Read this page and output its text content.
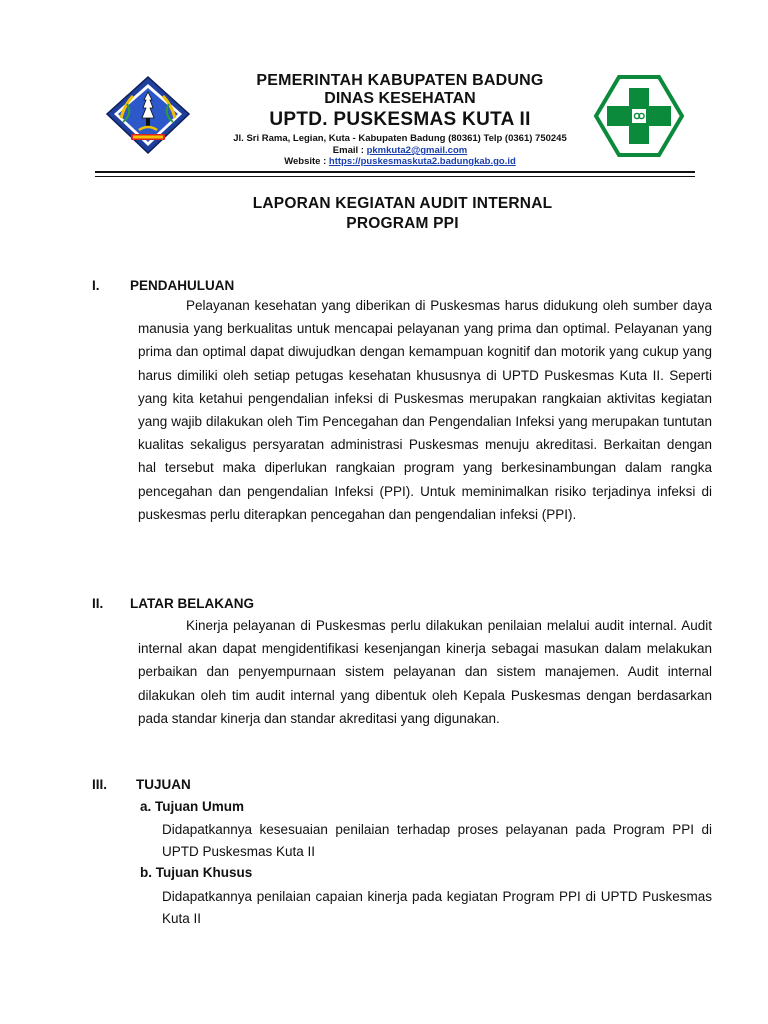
PEMERINTAH KABUPATEN BADUNG
DINAS KESEHATAN
UPTD. PUSKESMAS KUTA II
Jl. Sri Rama, Legian, Kuta - Kabupaten Badung (80361) Telp (0361) 750245
Email : pkmkuta2@gmail.com
Website : https://puskesmaskuta2.badungkab.go.id
LAPORAN KEGIATAN AUDIT INTERNAL
PROGRAM PPI
I. PENDAHULUAN

Pelayanan kesehatan yang diberikan di Puskesmas harus didukung oleh sumber daya manusia yang berkualitas untuk mencapai pelayanan yang prima dan optimal. Pelayanan yang prima dan optimal dapat diwujudkan dengan kemampuan kognitif dan motorik yang cukup yang harus dimiliki oleh setiap petugas kesehatan khususnya di UPTD Puskesmas Kuta II. Seperti yang kita ketahui pengendalian infeksi di Puskesmas merupakan rangkaian aktivitas kegiatan yang wajib dilakukan oleh Tim Pencegahan dan Pengendalian Infeksi yang merupakan tuntutan kualitas sekaligus persyaratan administrasi Puskesmas menuju akreditasi. Berkaitan dengan hal tersebut maka diperlukan rangkaian program yang berkesinambungan dalam rangka pencegahan dan pengendalian Infeksi (PPI). Untuk meminimalkan risiko terjadinya infeksi di puskesmas perlu diterapkan pencegahan dan pengendalian infeksi (PPI).

II. LATAR BELAKANG

Kinerja pelayanan di Puskesmas perlu dilakukan penilaian melalui audit internal. Audit internal akan dapat mengidentifikasi kesenjangan kinerja sebagai masukan dalam melakukan perbaikan dan penyempurnaan sistem pelayanan dan sistem manajemen. Audit internal dilakukan oleh tim audit internal yang dibentuk oleh Kepala Puskesmas dengan berdasarkan pada standar kinerja dan standar akreditasi yang digunakan.

III. TUJUAN
a. Tujuan Umum

Didapatkannya kesesuaian penilaian terhadap proses pelayanan pada Program PPI di UPTD Puskesmas Kuta II

b. Tujuan Khusus

Didapatkannya penilaian capaian kinerja pada kegiatan Program PPI di UPTD Puskesmas Kuta II
